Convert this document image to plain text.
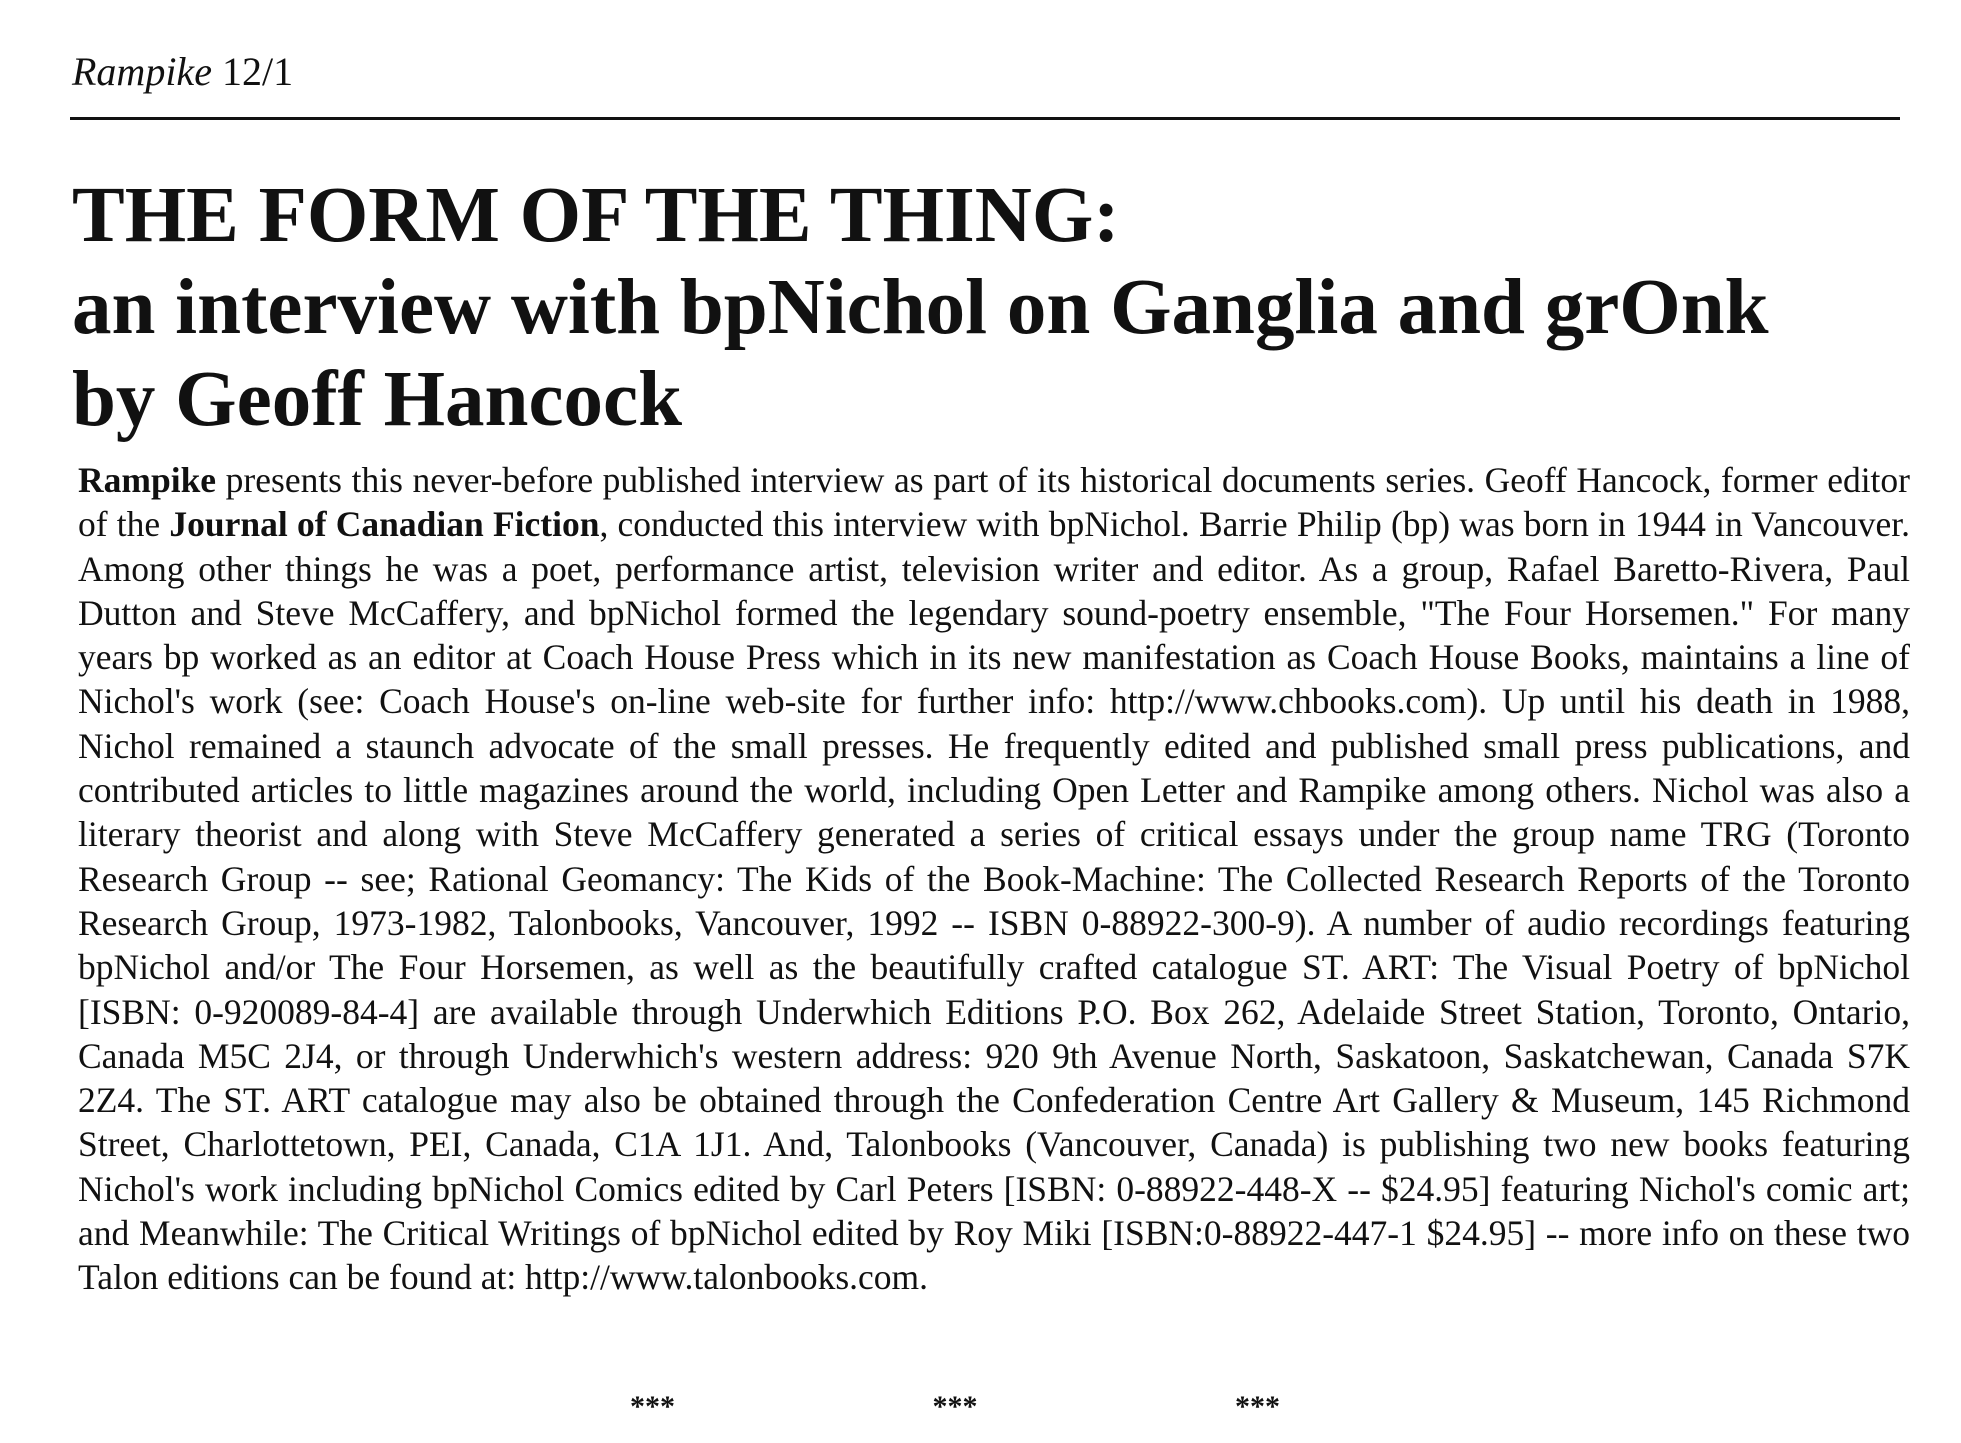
Rampike 12/1
THE FORM OF THE THING:
an interview with bpNichol on Ganglia and grOnk
by Geoff Hancock
Rampike presents this never-before published interview as part of its historical documents series. Geoff Hancock, former editor of the Journal of Canadian Fiction, conducted this interview with bpNichol. Barrie Philip (bp) was born in 1944 in Vancouver. Among other things he was a poet, performance artist, television writer and editor. As a group, Rafael Baretto-Rivera, Paul Dutton and Steve McCaffery, and bpNichol formed the legendary sound-poetry ensemble, "The Four Horsemen." For many years bp worked as an editor at Coach House Press which in its new manifestation as Coach House Books, maintains a line of Nichol's work (see: Coach House's on-line web-site for further info: http://www.chbooks.com). Up until his death in 1988, Nichol remained a staunch advocate of the small presses. He frequently edited and published small press publications, and contributed articles to little magazines around the world, including Open Letter and Rampike among others. Nichol was also a literary theorist and along with Steve McCaffery generated a series of critical essays under the group name TRG (Toronto Research Group -- see; Rational Geomancy: The Kids of the Book-Machine: The Collected Research Reports of the Toronto Research Group, 1973-1982, Talonbooks, Vancouver, 1992 -- ISBN 0-88922-300-9). A number of audio recordings featuring bpNichol and/or The Four Horsemen, as well as the beautifully crafted catalogue ST. ART: The Visual Poetry of bpNichol [ISBN: 0-920089-84-4] are available through Underwhich Editions P.O. Box 262, Adelaide Street Station, Toronto, Ontario, Canada M5C 2J4, or through Underwhich's western address: 920 9th Avenue North, Saskatoon, Saskatchewan, Canada S7K 2Z4. The ST. ART catalogue may also be obtained through the Confederation Centre Art Gallery & Museum, 145 Richmond Street, Charlottetown, PEI, Canada, C1A 1J1. And, Talonbooks (Vancouver, Canada) is publishing two new books featuring Nichol's work including bpNichol Comics edited by Carl Peters [ISBN: 0-88922-448-X -- $24.95] featuring Nichol's comic art; and Meanwhile: The Critical Writings of bpNichol edited by Roy Miki [ISBN:0-88922-447-1 $24.95] -- more info on these two Talon editions can be found at: http://www.talonbooks.com.
***	***	***
